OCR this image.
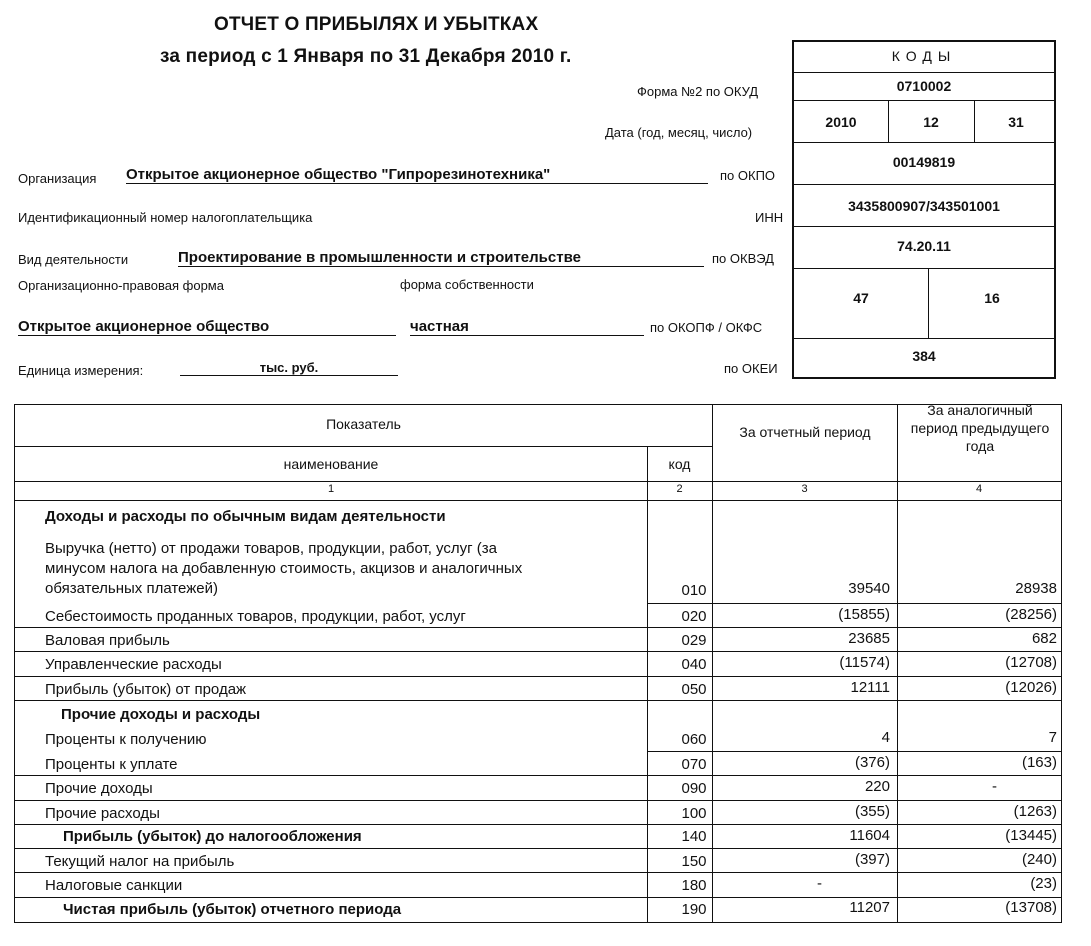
ОТЧЕТ О ПРИБЫЛЯХ И УБЫТКАХ
за период с 1 Января по 31 Декабря 2010 г.
Форма №2 по ОКУД
Дата (год, месяц, число)
Организация Открытое акционерное общество "Гипрорезинотехника"	по ОКПО
Идентификационный номер налогоплательщика	ИНН
Вид деятельности	Проектирование в промышленности и строительстве	по ОКВЭД
Организационно-правовая форма	форма собственности
Открытое акционерное общество	частная	по ОКОПФ / ОКФС
Единица измерения:	тыс. руб.	по ОКЕИ
КОДЫ
0710002
2010	12	31
00149819
3435800907/343501001
74.20.11
47	16
384
Показатель
наименование	код
За отчетный период
За аналогичный период предыдущего года
1	2	3	4
Доходы и расходы по обычным видам деятельности
Выручка (нетто) от продажи товаров, продукции, работ, услуг (за
минусом налога на добавленную стоимость, акцизов и аналогичных
обязательных платежей)	010	39540	28938
Себестоимость проданных товаров, продукции, работ, услуг	020	(15855)	(28256)
Валовая прибыль	029	23685	682
Управленческие расходы	040	(11574)	(12708)
Прибыль (убыток) от продаж	050	12111	(12026)
Прочие доходы и расходы
Проценты к получению	060	4	7
Проценты к уплате	070	(376)	(163)
Прочие доходы	090	220	-
Прочие расходы	100	(355)	(1263)
Прибыль (убыток) до налогообложения	140	11604	(13445)
Текущий налог на прибыль	150	(397)	(240)
Налоговые санкции	180	-	(23)
Чистая прибыль (убыток) отчетного периода	190	11207	(13708)
